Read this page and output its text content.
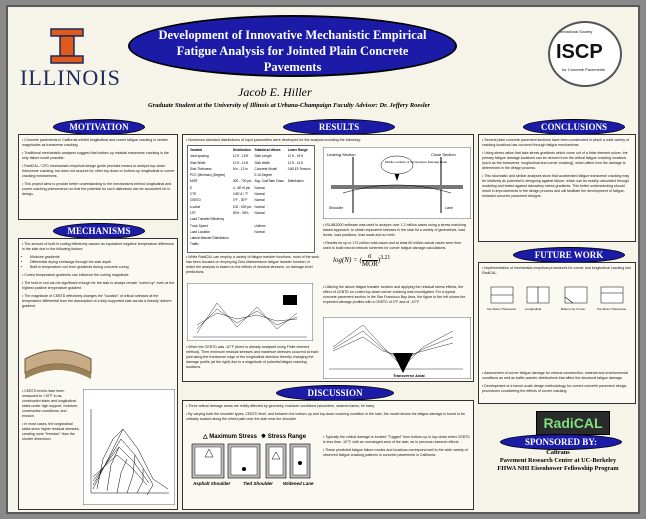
ILLINOIS
Development of Innovative Mechanistic Empirical Fatigue Analysis for Jointed Plain Concrete Pavements
International Society
ISCP
for Concrete Pavements
Jacob E. Hiller
Graduate Student at the University of Illinois at Urbana-Champaign Faculty Advisor: Dr. Jeffery Roesler
MOTIVATION

• Concrete pavements in California exhibit longitudinal and corner fatigue cracking in certain magnitudes as transverse cracking.

• Traditional mechanistic analyses suggest that bottom-up midslab transverse cracking is the only failure mode possible.

• RadiCAL / CFD mechanistic-empirical design guide provides means to analyze top-down transverse cracking, but does not account for other top-down or bottom-up longitudinal or corner cracking mechanisms.

• This project aims to provide better understanding to the mechanisms behind longitudinal and corner cracking phenomenon so that the potential for such distresses can be accounted for in design.

MECHANISMS

• The amount of built-in curling effectively causes an equivalent negative temperature difference in the slab due to the following factors:

• Moisture gradients
• Differential drying shrinkage through the slab depth
• Built-in temperature curl from gradients during concrete curing

• Curled temperature gradients can influence the curling magnitude.

• The built-in curl can be significant enough for the slab to always remain "curled up" even at the highest positive temperature gradient.

• The magnitude of CEBTD effectively changes the "location" of critical stresses at the temperature differential from the assumption of a fully-supported slab across a linearly uniform gradient.

• CEBTD levels have been measured to +10°F in as-constructed slabs and longitudinal slabs under high support, moisture, construction conditions, and erosion.

• In most cases, the longitudinal slabs show higher residual stresses, creating more "freedom" than the shorter dimension.

RESULTS
• Numerous standard distributions of input parameters were developed for the analysis including the following:
Variable	Distribution	Statistical Values	Lower Range
Joint spacing	12 ft - 15 ft	Slab Length	12 ft - 15 ft
Slab Width	12 ft - 14 ft	Slab Width	12 ft - 14 ft
Slab Thickness	8 in - 12 in	Concrete Model	0.85 E0 Tension
PCC (Min/max) (Degree)		0.16 Degree	
MOR	300 - 700 psi	Avg. ColdTake Class	Distribution
E	4 - 6E+6 psi	Normal	
CTE	4.5E-6 / °F	Normal	
CEBTD	0°F - 30°F	Normal	
k-value	100 - 600 pci	Normal	
LTE	50% - 95%	Normal	
Load Transfer Efficiency			
Truck Speed		Uniform	
Load Location		Normal	
Lateral Wander Distribution			
Traffic			
Leaving Section
Mobile Location of Temperature Damage Node
Close Section
Shoulder	Lane

• ISLAB2000 software was used to analyze over 1.2 million cases using a stress matching based approach, to obtain equivalent stresses in the slab for a variety of geometries, load levels, load positions, lead loads and so forth.

• Results for up to 173 million total cases and at least 60 million actual cases were then used to build neural network schemes for corner fatigue damage calculations.

• While RadiCAL can employ a variety of fatigue transfer functions, most of the work has been focused on employing Zero-Maintenance fatigue transfer function, in which the analysis is based on the effects of residual stresses, on damage-level predictions.

log(N) = (
σ
MOR )$^{3.21}$

• Utilizing the above fatigue transfer function and applying the residual stress effects, the effect of CEBTD on curled top-down corner cracking was investigated. For a typical concrete pavement section in the San Francisco Bay Area, the figure to the left shows the expected damage profiles with a CEBTD of 0°F and of -10°F.

• When the CEBTD was -10°F (there is already analysed using Finite element method). Then minimum residual stresses and maximum stresses occurred at each joint along the transverse edge of the longitudinal direction thereby changing the damage profile (at the right) due to a magnitude of potential fatigue cracking locations.
Transverse Axial
DISCUSSION

• Three critical damage areas are mildly affected by geometry, moisture conditions (shoulders, widened lanes, tie bars).

• By varying both the shoulder types, CEBTD level, and between the bottom-up and top-down cracking condition in the slab, the model shows the fatigue damage is found to be critically located along the wheel path over the slab near the shoulder.

△ Maximum Stress ✸ Stress Range
Asphalt Shoulder	Tied Shoulder Widened Lane

• Typically the critical damage is located "Tugged" from bottom-up to top-down when CEBTD is less than -10°F, with an unchanged area of the slab, as in previous research efforts.

• These predicted fatigue failure modes and locations correspond well to the wide variety of observed fatigue cracking patterns in concrete pavements in California.

CONCLUSIONS

• Several plain concrete pavement sections have been constructed in which a wide variety of cracking locations has occurred through fatigue mechanisms.

• Using stress ratios that take stress gradients which come out of a finite element solver, the primary fatigue damage locations can be derived from the critical fatigue cracking locations (such as the transverse, longitudinal and corner cracking), which affect how the damage is determined in the design process.

• This stochastic and similar analyses show that accelerated fatigue transverse cracking may be relatively as potential in designing against failure, which can be readily calculated through modeling and tested against laboratory stress gradients. This better understanding should result in improvements in the design process and will facilitate the development of fatigue-resistant concrete pavement designs.

FUTURE WORK
• Implementation of mechanistic-empirical procedures for corner and longitudinal cracking into RadiCAL.
Top-Down Transverse	Longitudinal	Bottom-Up Corner	Top-Down Transverse

• Assessment of corner fatigue damage for various construction, material and environmental conditions as well as traffic wander distributions that affect the structural fatigue damage.

• Development of a bench-scale design methodology for current concrete pavement design procedures considering the effects of corner cracking.

RadiCAL
SPONSORED BY:
Caltrans
Pavement Research Center at UC-Berkeley
FHWA NHI Eisenhower Fellowship Program
